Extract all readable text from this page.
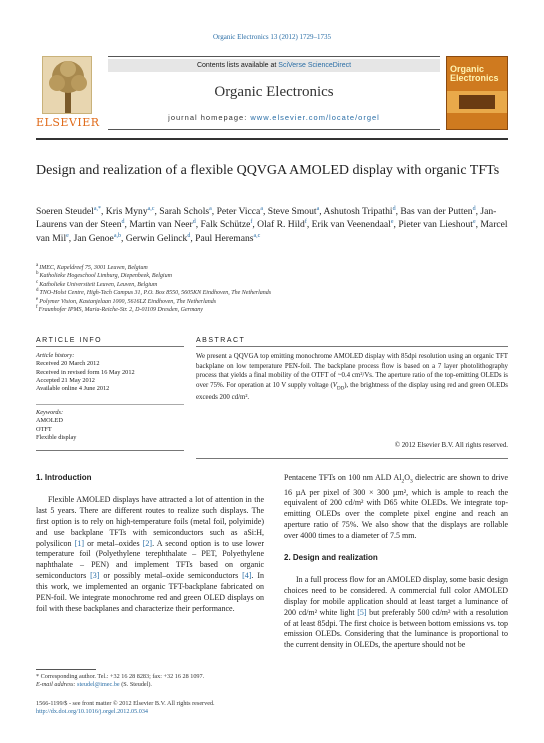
Organic Electronics 13 (2012) 1729–1735
ELSEVIER
Contents lists available at SciVerse ScienceDirect
Organic Electronics
journal homepage: www.elsevier.com/locate/orgel
Organic
Electronics
Design and realization of a flexible QQVGA AMOLED display with organic TFTs
Soeren Steudel$^{a,*}$, Kris Myny$^{a,c}$, Sarah Schols$^a$, Peter Vicca$^a$, Steve Smout$^a$, Ashutosh Tripathi$^d$, Bas van der Putten$^d$, Jan-Laurens van der Steen$^d$, Martin van Neer$^d$, Falk Schütze$^f$, Olaf R. Hild$^f$, Erik van Veenendaal$^e$, Pieter van Lieshout$^e$, Marcel van Mil$^e$, Jan Genoe$^{a,b}$, Gerwin Gelinck$^d$, Paul Heremans$^{a,c}$
$^a$IMEC, Kapeldreef 75, 3001 Leuven, Belgium
$^b$Katholieke Hogeschool Limburg, Diepenbeek, Belgium
$^c$Katholieke Universiteit Leuven, Leuven, Belgium
$^d$TNO-Holst Centre, High-Tech Campus 31, P.O. Box 8550, 5605KN Eindhoven, The Netherlands
$^e$Polymer Vision, Kastanjelaan 1000, 5616LZ Eindhoven, The Netherlands
$^f$Fraunhofer IPMS, Maria-Reiche-Str. 2, D-01109 Dresden, Germany
ARTICLE INFO
Article history:
Received 20 March 2012
Received in revised form 16 May 2012
Accepted 21 May 2012
Available online 4 June 2012
Keywords:
AMOLED
OTFT
Flexible display
ABSTRACT
We present a QQVGA top emitting monochrome AMOLED display with 85dpi resolution using an organic TFT backplane on low temperature PEN-foil. The backplane process flow is based on a 7 layer photolithography process that yields a final mobility of the OTFT of ~0.4 cm²/Vs. The aperture ratio of the top-emitting OLEDs is over 75%. For operation at 10 V supply voltage $(V_{DD})$, the brightness of the display using red and green OLEDs exceeds 200 cd/m².
© 2012 Elsevier B.V. All rights reserved.
1. Introduction

Flexible AMOLED displays have attracted a lot of attention in the last 5 years. There are different routes to realize such displays. The first option is to rely on high-temperature foils (metal foil, polyimide) and use backplane TFTs with semiconductors such as aSi:H, polysilicon [1] or metal–oxides [2]. A second option is to use lower temperature foil (Polyethylene terephthalate – PET, Polyethylene naphthalate – PEN) and implement TFTs based on organic semiconductors [3] or possibly metal–oxide semiconductors [4]. In this work, we implemented an organic TFT-backplane fabricated on PEN-foil. We integrate monochrome red and green OLED displays on foil with these backplanes and characterize their performance.

Pentacene TFTs on 100 nm ALD $Al_2O_3$ dielectric are shown to drive 16 µA per pixel of 300 × 300 µm², which is ample to reach the equivalent of 200 cd/m² with D65 white OLEDs. We integrate top-emitting OLEDs over the complete pixel engine and reach an aperture ratio of 75%. We also show that the displays are rollable over 4000 times to a diameter of 7.5 mm.

2. Design and realization

In a full process flow for an AMOLED display, some basic design choices need to be considered. A commercial full color AMOLED display for mobile application should at least target a luminance of 200 cd/m² white light [5] but preferably 500 cd/m² with a resolution of at least 85dpi. The first choice is between bottom emissions vs. top emission OLEDs. Considering that the luminance is proportional to the current density in OLEDs, the aperture should not be

* Corresponding author. Tel.: +32 16 28 8283; fax: +32 16 28 1097.
E-mail address: steudel@imec.be (S. Steudel).
1566-1199/$ - see front matter © 2012 Elsevier B.V. All rights reserved.
http://dx.doi.org/10.1016/j.orgel.2012.05.034
